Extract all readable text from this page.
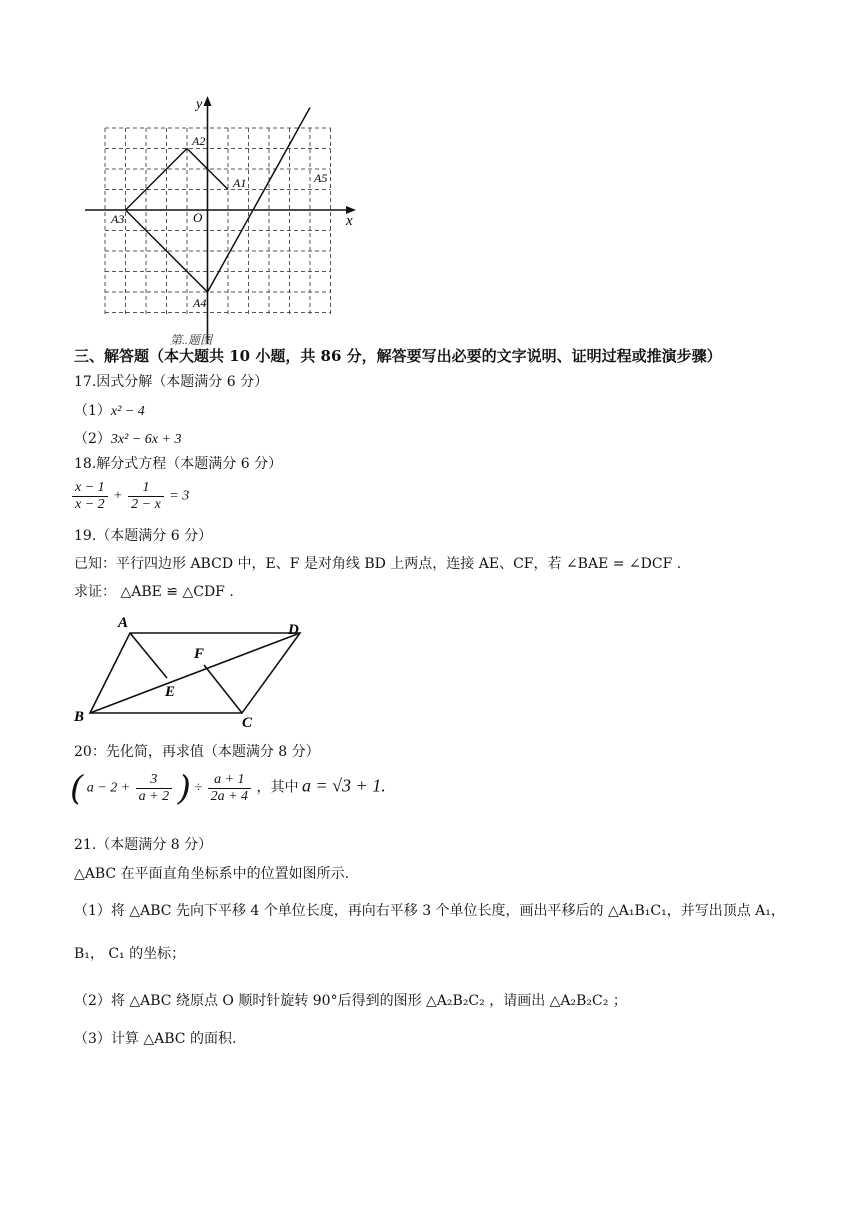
y
x
O
A2
A1
A3
A4
A5
第..题图
三、解答题（本大题共 10 小题，共 86 分，解答要写出必要的文字说明、证明过程或推演步骤）
17.因式分解（本题满分 6 分）
（1）x² − 4
（2）3x² − 6x + 3
18.解分式方程（本题满分 6 分）
$\frac{x - 1}{x - 2} + \frac{1}{2 - x} = 3$
19.（本题满分 6 分）
已知：平行四边形 ABCD 中，E、F 是对角线 BD 上两点，连接 AE、CF，若 ∠BAE = ∠DCF .
求证： △ABE ≌ △CDF .
A	D
B	C
E
F
20：先化简，再求值（本题满分 8 分）
( $a - 2 + \frac{3}{a + 2}$ ) ÷ $\frac{a + 1}{2a + 4}$ ，其中 a = √3 + 1.
21.（本题满分 8 分）
△ABC 在平面直角坐标系中的位置如图所示.
（1）将 △ABC 先向下平移 4 个单位长度，再向右平移 3 个单位长度，画出平移后的 △A₁B₁C₁，并写出顶点 A₁，
B₁， C₁ 的坐标；
（2）将 △ABC 绕原点 O 顺时针旋转 90°后得到的图形 △A₂B₂C₂ ，请画出 △A₂B₂C₂ ；
（3）计算 △ABC 的面积.
